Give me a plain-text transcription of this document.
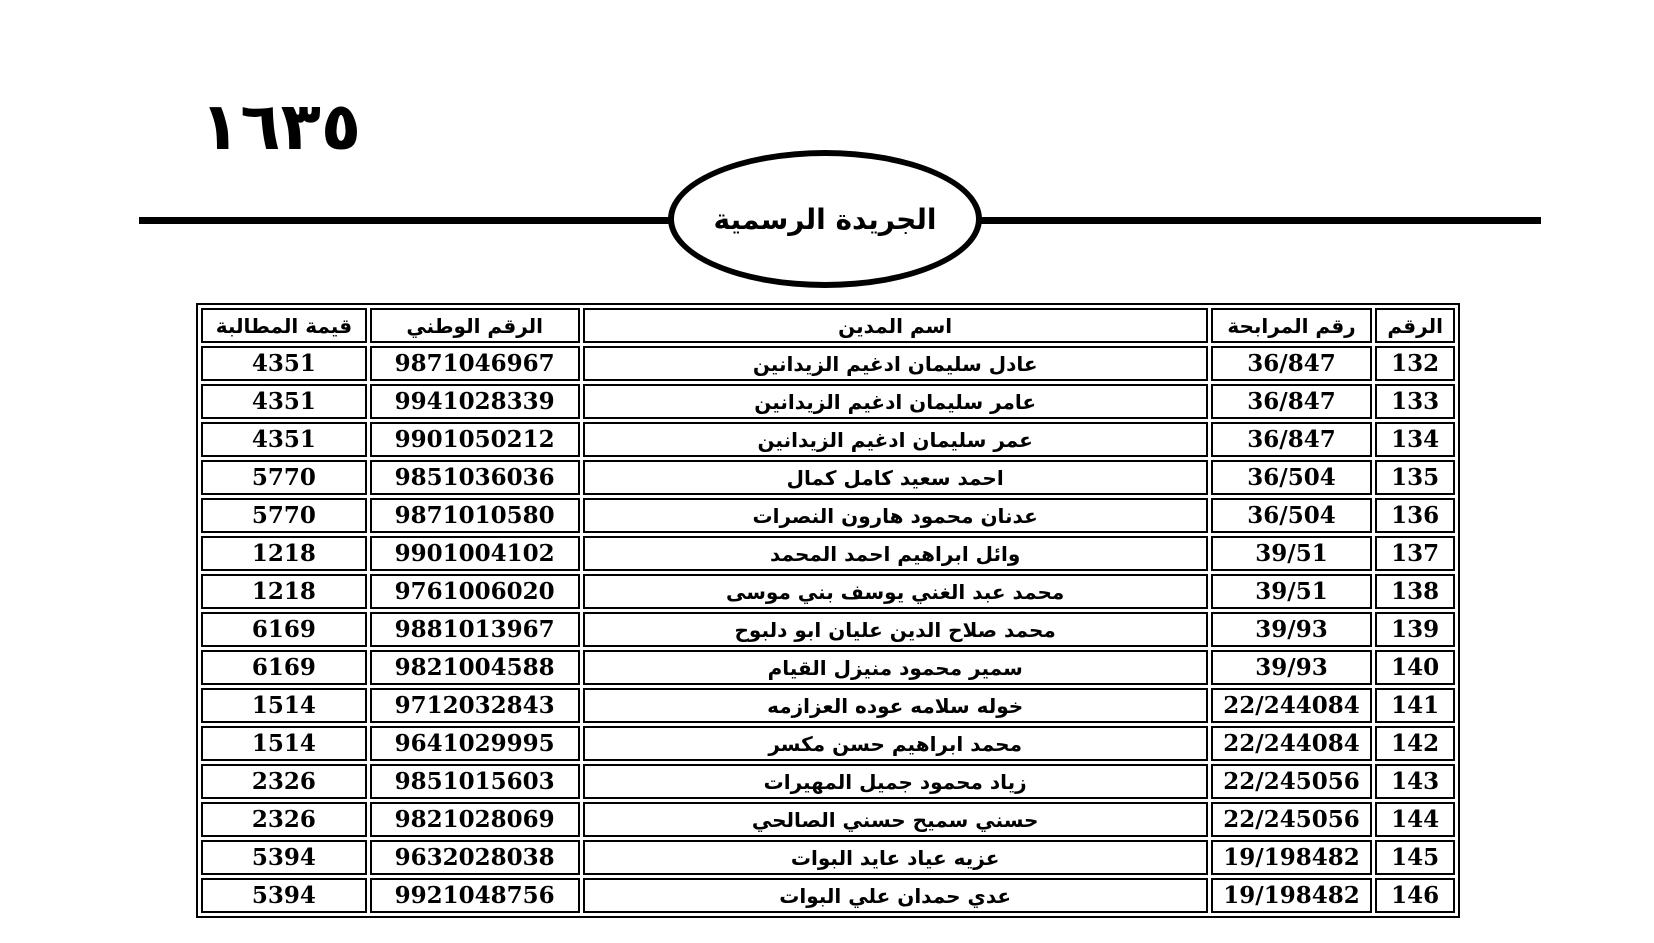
١٦٣٥
الجريدة الرسمية
الرقم	رقم المرابحة	اسم المدين	الرقم الوطني	قيمة المطالبة
132	36/847	عادل سليمان ادغيم الزيدانين	9871046967	4351
133	36/847	عامر سليمان ادغيم الزيدانين	9941028339	4351
134	36/847	عمر سليمان ادغيم الزيدانين	9901050212	4351
135	36/504	احمد سعيد كامل كمال	9851036036	5770
136	36/504	عدنان محمود هارون النصرات	9871010580	5770
137	39/51	وائل ابراهيم احمد المحمد	9901004102	1218
138	39/51	محمد عبد الغني يوسف بني موسى	9761006020	1218
139	39/93	محمد صلاح الدين عليان ابو دلبوح	9881013967	6169
140	39/93	سمير محمود منيزل القيام	9821004588	6169
141	22/244084	خوله سلامه عوده العزازمه	9712032843	1514
142	22/244084	محمد ابراهيم حسن مكسر	9641029995	1514
143	22/245056	زياد محمود جميل المهيرات	9851015603	2326
144	22/245056	حسني سميح حسني الصالحي	9821028069	2326
145	19/198482	عزيه عياد عايد البوات	9632028038	5394
146	19/198482	عدي حمدان علي البوات	9921048756	5394
